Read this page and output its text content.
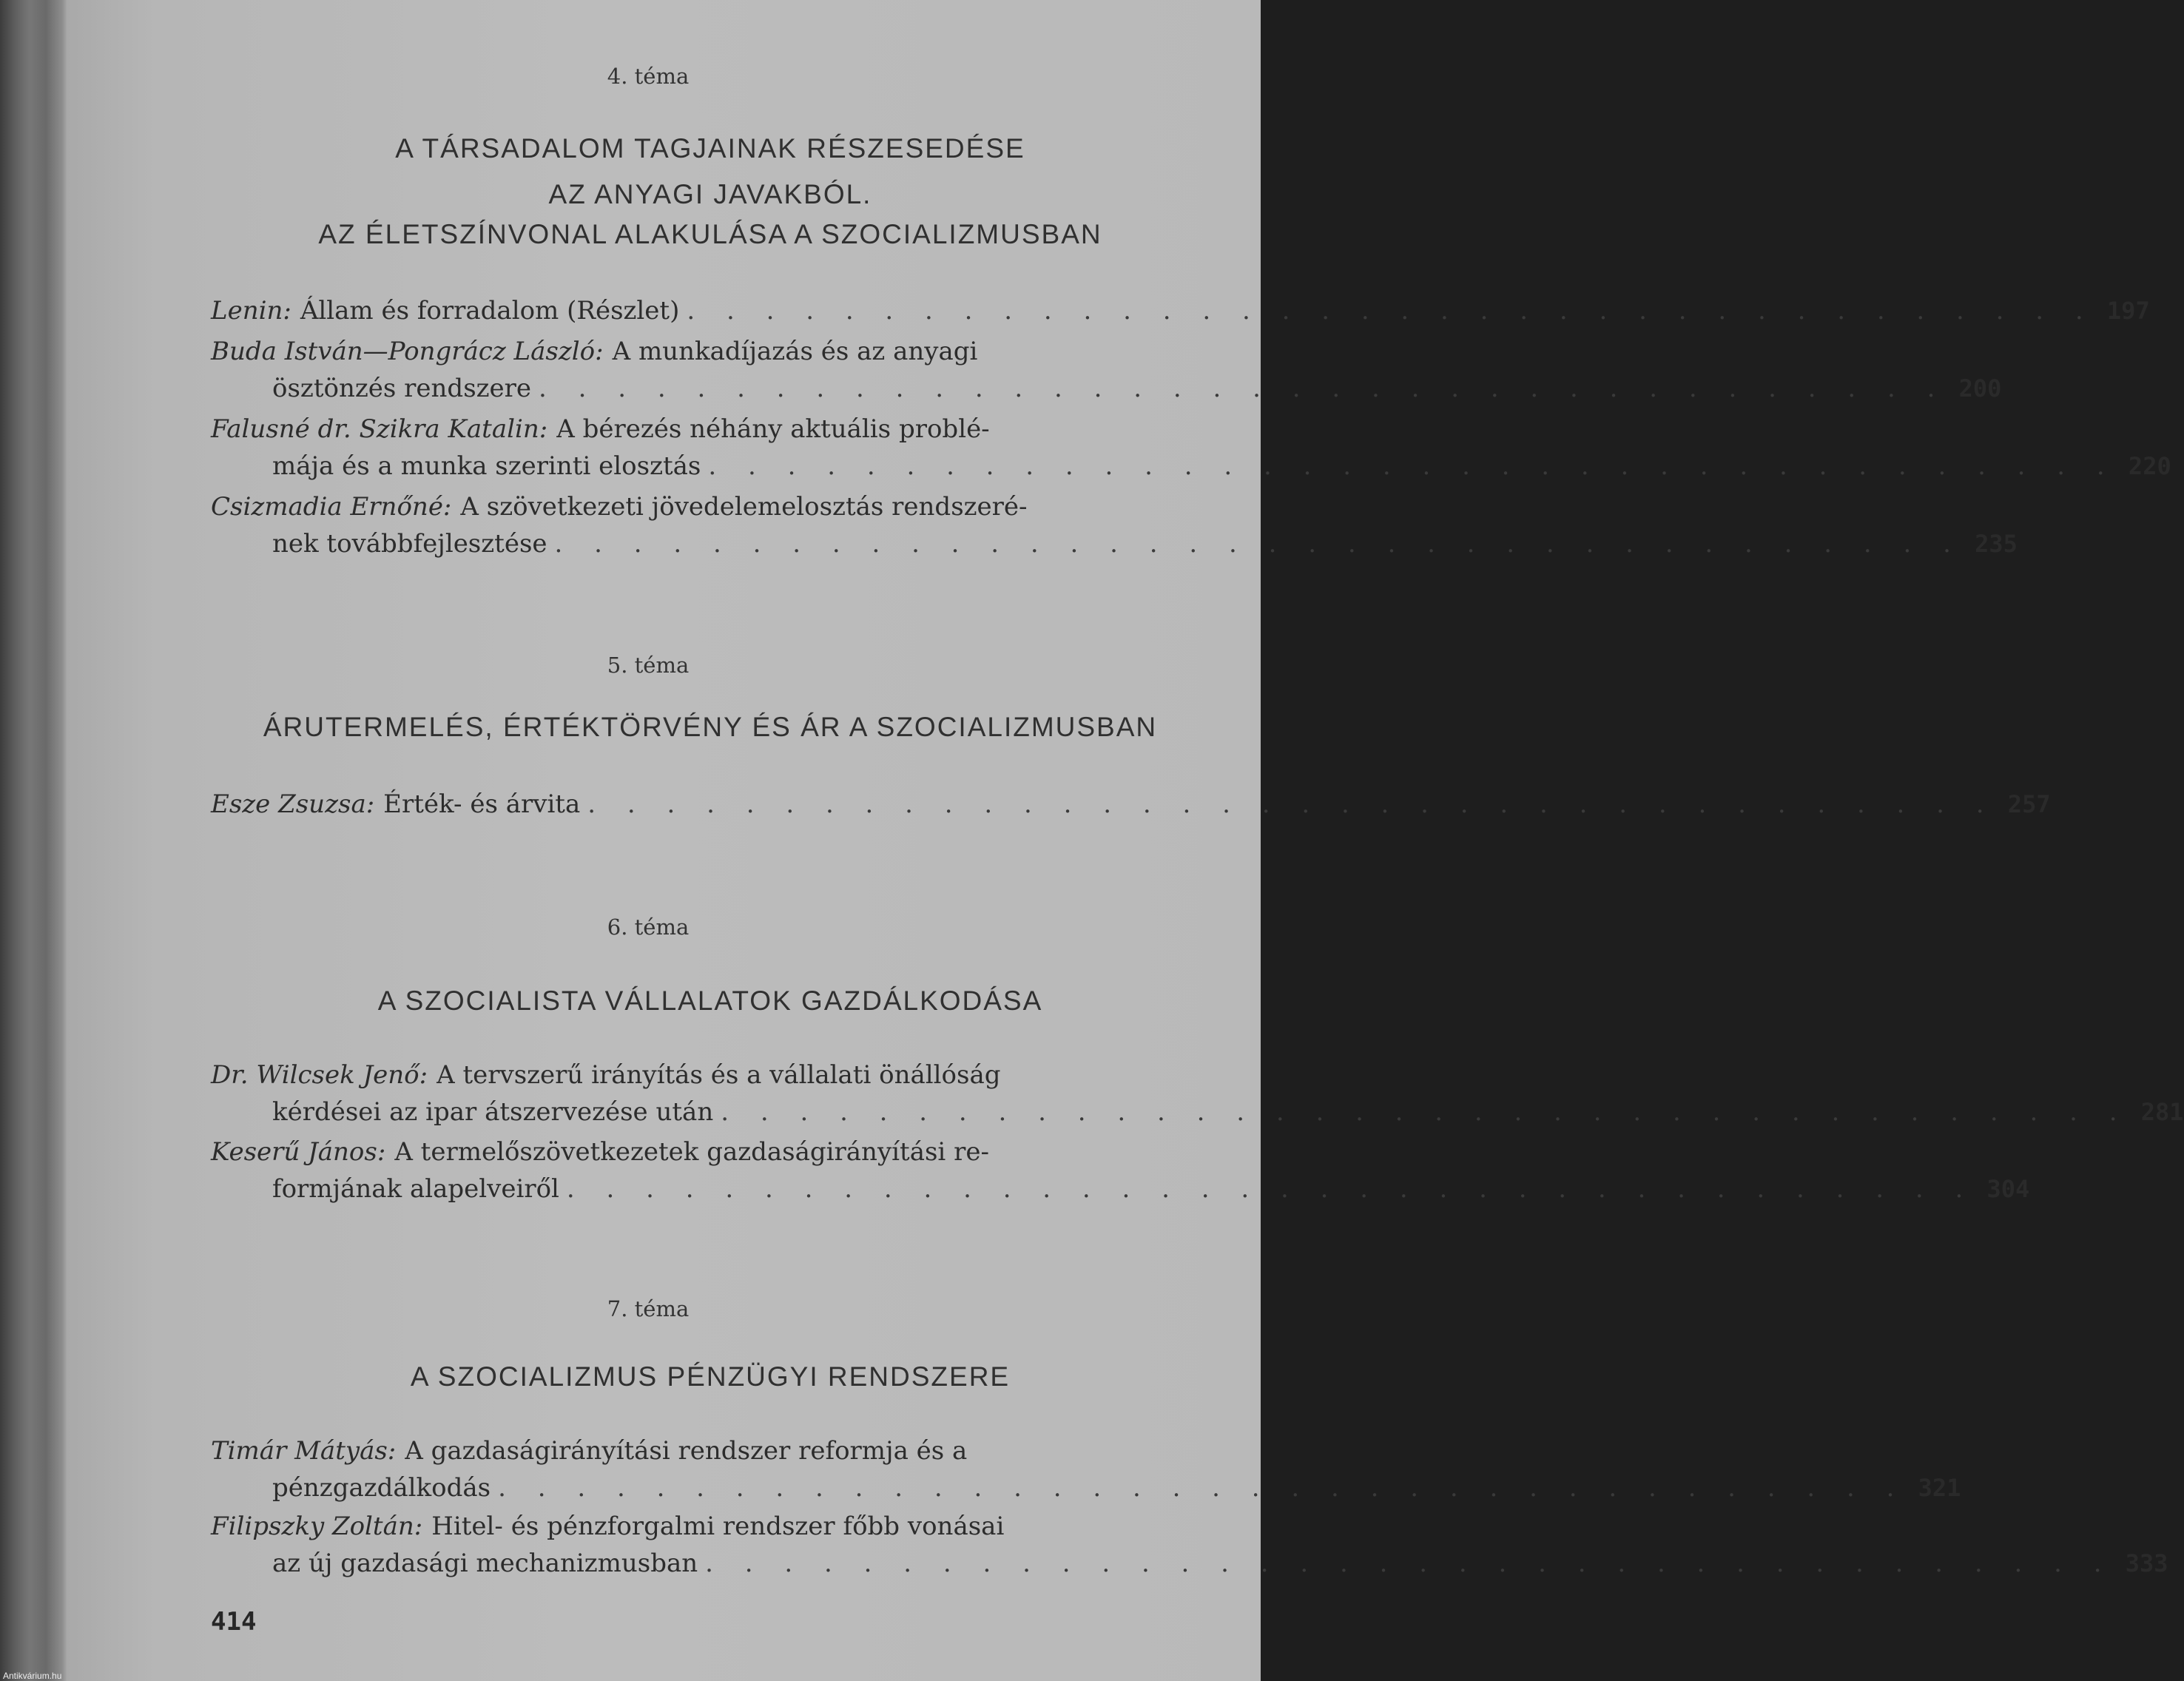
4. téma
A TÁRSADALOM TAGJAINAK RÉSZESEDÉSE
AZ ANYAGI JAVAKBÓL.
AZ ÉLETSZÍNVONAL ALAKULÁSA A SZOCIALIZMUSBAN
Lenin: Állam és forradalom (Részlet) . . . . . . . . . . . . . . . . . . . . . . . . . . . . . . . . . . . . 197
Buda István—Pongrácz László: A munkadíjazás és az anyagi
ösztönzés rendszere . . . . . . . . . . . . . . . . . . . . . . . . . . . . . . . . . . . . 200
Falusné dr. Szikra Katalin: A bérezés néhány aktuális problé-
mája és a munka szerinti elosztás . . . . . . . . . . . . . . . . . . . . . . . . . . . . . . . . . . . . 220
Csizmadia Ernőné: A szövetkezeti jövedelemelosztás rendszeré-
nek továbbfejlesztése . . . . . . . . . . . . . . . . . . . . . . . . . . . . . . . . . . . . 235
5. téma
ÁRUTERMELÉS, ÉRTÉKTÖRVÉNY ÉS ÁR A SZOCIALIZMUSBAN
Esze Zsuzsa: Érték- és árvita . . . . . . . . . . . . . . . . . . . . . . . . . . . . . . . . . . . . 257
6. téma
A SZOCIALISTA VÁLLALATOK GAZDÁLKODÁSA
Dr. Wilcsek Jenő: A tervszerű irányítás és a vállalati önállóság
kérdései az ipar átszervezése után . . . . . . . . . . . . . . . . . . . . . . . . . . . . . . . . . . . . 281
Keserű János: A termelőszövetkezetek gazdaságirányítási re-
formjának alapelveiről . . . . . . . . . . . . . . . . . . . . . . . . . . . . . . . . . . . . 304
7. téma
A SZOCIALIZMUS PÉNZÜGYI RENDSZERE
Timár Mátyás: A gazdaságirányítási rendszer reformja és a
pénzgazdálkodás . . . . . . . . . . . . . . . . . . . . . . . . . . . . . . . . . . . . 321
Filipszky Zoltán: Hitel- és pénzforgalmi rendszer főbb vonásai
az új gazdasági mechanizmusban . . . . . . . . . . . . . . . . . . . . . . . . . . . . . . . . . . . . 333
414
Antikvárium.hu
